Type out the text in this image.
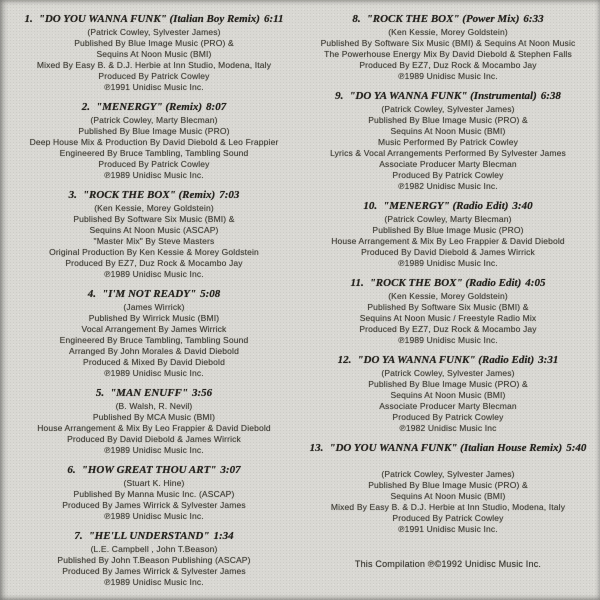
1. "DO YOU WANNA FUNK" (Italian Boy Remix) 6:11
(Patrick Cowley, Sylvester James)
Published By Blue Image Music (PRO) &
Sequins At Noon Music (BMI)
Mixed By Easy B. & D.J. Herbie at Inn Studio, Modena, Italy
Produced By Patrick Cowley
℗1991 Unidisc Music Inc.
2. "MENERGY" (Remix) 8:07
(Patrick Cowley, Marty Blecman)
Published By Blue Image Music (PRO)
Deep House Mix & Production By David Diebold & Leo Frappier
Engineered By Bruce Tambling, Tambling Sound
Produced By Patrick Cowley
℗1989 Unidisc Music Inc.
3. "ROCK THE BOX" (Remix) 7:03
(Ken Kessie, Morey Goldstein)
Published By Software Six Music (BMI) &
Sequins At Noon Music (ASCAP)
"Master Mix" By Steve Masters
Original Production By Ken Kessie & Morey Goldstein
Produced By EZ7, Duz Rock & Mocambo Jay
℗1989 Unidisc Music Inc.
4. "I'M NOT READY" 5:08
(James Wirrick)
Published By Wirrick Music (BMI)
Vocal Arrangement By James Wirrick
Engineered By Bruce Tambling, Tambling Sound
Arranged By John Morales & David Diebold
Produced & Mixed By David Diebold
℗1989 Unidisc Music Inc.
5. "MAN ENUFF" 3:56
(B. Walsh, R. Nevil)
Published By MCA Music (BMI)
House Arrangement & Mix By Leo Frappier & David Diebold
Produced By David Diebold & James Wirrick
℗1989 Unidisc Music Inc.
6. "HOW GREAT THOU ART" 3:07
(Stuart K. Hine)
Published By Manna Music Inc. (ASCAP)
Produced By James Wirrick & Sylvester James
℗1989 Unidisc Music Inc.
7. "HE'LL UNDERSTAND" 1:34
(L.E. Campbell , John T.Beason)
Published By John T.Beason Publishing (ASCAP)
Produced By James Wirrick & Sylvester James
℗1989 Unidisc Music Inc.
8. "ROCK THE BOX" (Power Mix) 6:33
(Ken Kessie, Morey Goldstein)
Published By Software Six Music (BMI) & Sequins At Noon Music
The Powerhouse Energy Mix By David Diebold & Stephen Falls
Produced By EZ7, Duz Rock & Mocambo Jay
℗1989 Unidisc Music Inc.
9. "DO YA WANNA FUNK" (Instrumental) 6:38
(Patrick Cowley, Sylvester James)
Published By Blue Image Music (PRO) &
Sequins At Noon Music (BMI)
Music Performed By Patrick Cowley
Lyrics & Vocal Arrangements Performed By Sylvester James
Associate Producer Marty Blecman
Produced By Patrick Cowley
℗1982 Unidisc Music Inc.
10. "MENERGY" (Radio Edit) 3:40
(Patrick Cowley, Marty Blecman)
Published By Blue Image Music (PRO)
House Arrangement & Mix By Leo Frappier & David Diebold
Produced By David Diebold & James Wirrick
℗1989 Unidisc Music Inc.
11. "ROCK THE BOX" (Radio Edit) 4:05
(Ken Kessie, Morey Goldstein)
Published By Software Six Music (BMI) &
Sequins At Noon Music / Freestyle Radio Mix
Produced By EZ7, Duz Rock & Mocambo Jay
℗1989 Unidisc Music Inc.
12. "DO YA WANNA FUNK" (Radio Edit) 3:31
(Patrick Cowley, Sylvester James)
Published By Blue Image Music (PRO) &
Sequins At Noon Music (BMI)
Associate Producer Marty Blecman
Produced By Patrick Cowley
℗1982 Unidisc Music Inc
13. "DO YOU WANNA FUNK" (Italian House Remix) 5:40
(Patrick Cowley, Sylvester James)
Published By Blue Image Music (PRO) &
Sequins At Noon Music (BMI)
Mixed By Easy B. & D.J. Herbie at Inn Studio, Modena, Italy
Produced By Patrick Cowley
℗1991 Unidisc Music Inc.
This Compilation ℗©1992 Unidisc Music Inc.
